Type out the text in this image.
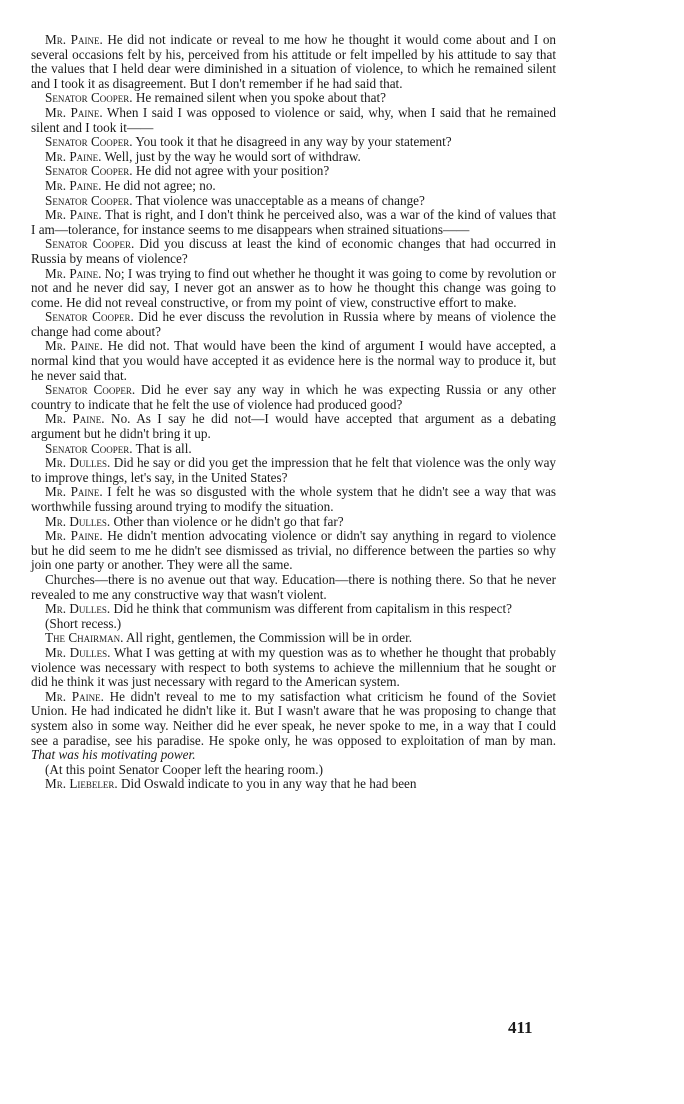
Mr. Paine. He did not indicate or reveal to me how he thought it would come about and I on several occasions felt by his, perceived from his attitude or felt impelled by his attitude to say that the values that I held dear were diminished in a situation of violence, to which he remained silent and I took it as disagreement. But I don't remember if he had said that.

Senator Cooper. He remained silent when you spoke about that?

Mr. Paine. When I said I was opposed to violence or said, why, when I said that he remained silent and I took it——

Senator Cooper. You took it that he disagreed in any way by your statement?

Mr. Paine. Well, just by the way he would sort of withdraw.

Senator Cooper. He did not agree with your position?

Mr. Paine. He did not agree; no.

Senator Cooper. That violence was unacceptable as a means of change?

Mr. Paine. That is right, and I don't think he perceived also, was a war of the kind of values that I am—tolerance, for instance seems to me disappears when strained situations——

Senator Cooper. Did you discuss at least the kind of economic changes that had occurred in Russia by means of violence?

Mr. Paine. No; I was trying to find out whether he thought it was going to come by revolution or not and he never did say, I never got an answer as to how he thought this change was going to come. He did not reveal constructive, or from my point of view, constructive effort to make.

Senator Cooper. Did he ever discuss the revolution in Russia where by means of violence the change had come about?

Mr. Paine. He did not. That would have been the kind of argument I would have accepted, a normal kind that you would have accepted it as evidence here is the normal way to produce it, but he never said that.

Senator Cooper. Did he ever say any way in which he was expecting Russia or any other country to indicate that he felt the use of violence had produced good?

Mr. Paine. No. As I say he did not—I would have accepted that argument as a debating argument but he didn't bring it up.

Senator Cooper. That is all.

Mr. Dulles. Did he say or did you get the impression that he felt that violence was the only way to improve things, let's say, in the United States?

Mr. Paine. I felt he was so disgusted with the whole system that he didn't see a way that was worthwhile fussing around trying to modify the situation.

Mr. Dulles. Other than violence or he didn't go that far?

Mr. Paine. He didn't mention advocating violence or didn't say anything in regard to violence but he did seem to me he didn't see dismissed as trivial, no difference between the parties so why join one party or another. They were all the same.

Churches—there is no avenue out that way. Education—there is nothing there. So that he never revealed to me any constructive way that wasn't violent.

Mr. Dulles. Did he think that communism was different from capitalism in this respect?

(Short recess.)

The Chairman. All right, gentlemen, the Commission will be in order.

Mr. Dulles. What I was getting at with my question was as to whether he thought that probably violence was necessary with respect to both systems to achieve the millennium that he sought or did he think it was just necessary with regard to the American system.

Mr. Paine. He didn't reveal to me to my satisfaction what criticism he found of the Soviet Union. He had indicated he didn't like it. But I wasn't aware that he was proposing to change that system also in some way. Neither did he ever speak, he never spoke to me, in a way that I could see a paradise, see his paradise. He spoke only, he was opposed to exploitation of man by man. That was his motivating power.

(At this point Senator Cooper left the hearing room.)

Mr. Liebeler. Did Oswald indicate to you in any way that he had been

411
